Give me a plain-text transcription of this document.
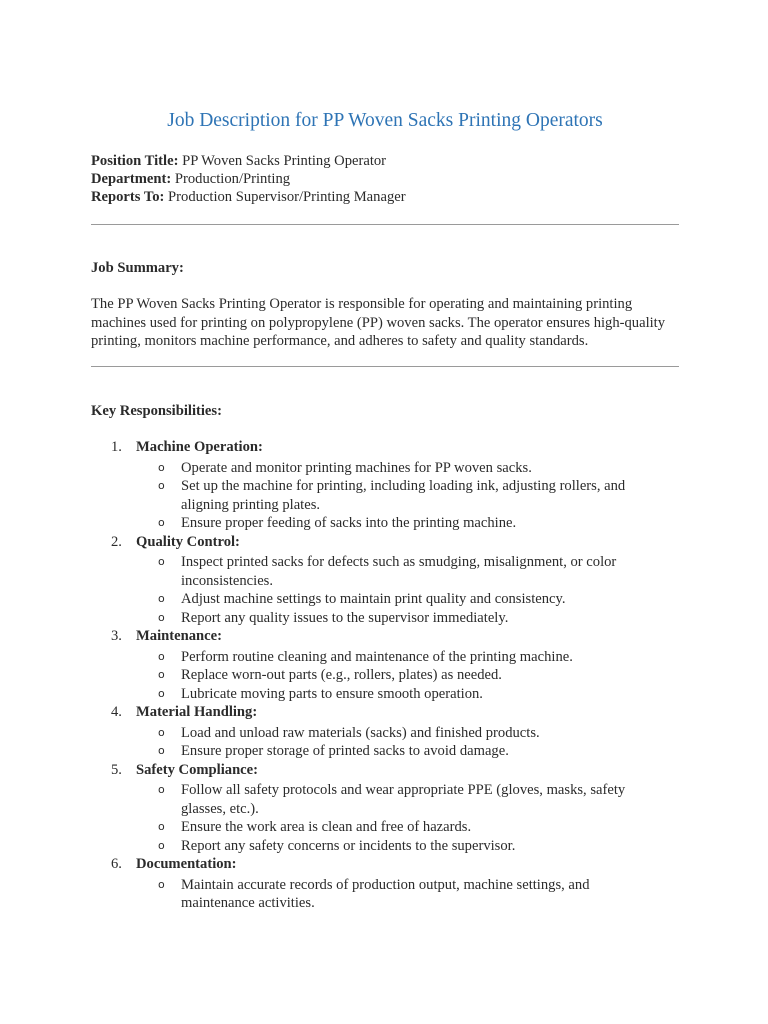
Job Description for PP Woven Sacks Printing Operators
Position Title: PP Woven Sacks Printing Operator
Department: Production/Printing
Reports To: Production Supervisor/Printing Manager

Job Summary:

The PP Woven Sacks Printing Operator is responsible for operating and maintaining printing machines used for printing on polypropylene (PP) woven sacks. The operator ensures high-quality printing, monitors machine performance, and adheres to safety and quality standards.

Key Responsibilities:

1. Machine Operation:
o Operate and monitor printing machines for PP woven sacks.
o Set up the machine for printing, including loading ink, adjusting rollers, and aligning printing plates.
o Ensure proper feeding of sacks into the printing machine.
2. Quality Control:
o Inspect printed sacks for defects such as smudging, misalignment, or color inconsistencies.
o Adjust machine settings to maintain print quality and consistency.
o Report any quality issues to the supervisor immediately.
3. Maintenance:
o Perform routine cleaning and maintenance of the printing machine.
o Replace worn-out parts (e.g., rollers, plates) as needed.
o Lubricate moving parts to ensure smooth operation.
4. Material Handling:
o Load and unload raw materials (sacks) and finished products.
o Ensure proper storage of printed sacks to avoid damage.
5. Safety Compliance:
o Follow all safety protocols and wear appropriate PPE (gloves, masks, safety glasses, etc.).
o Ensure the work area is clean and free of hazards.
o Report any safety concerns or incidents to the supervisor.
6. Documentation:
o Maintain accurate records of production output, machine settings, and maintenance activities.
